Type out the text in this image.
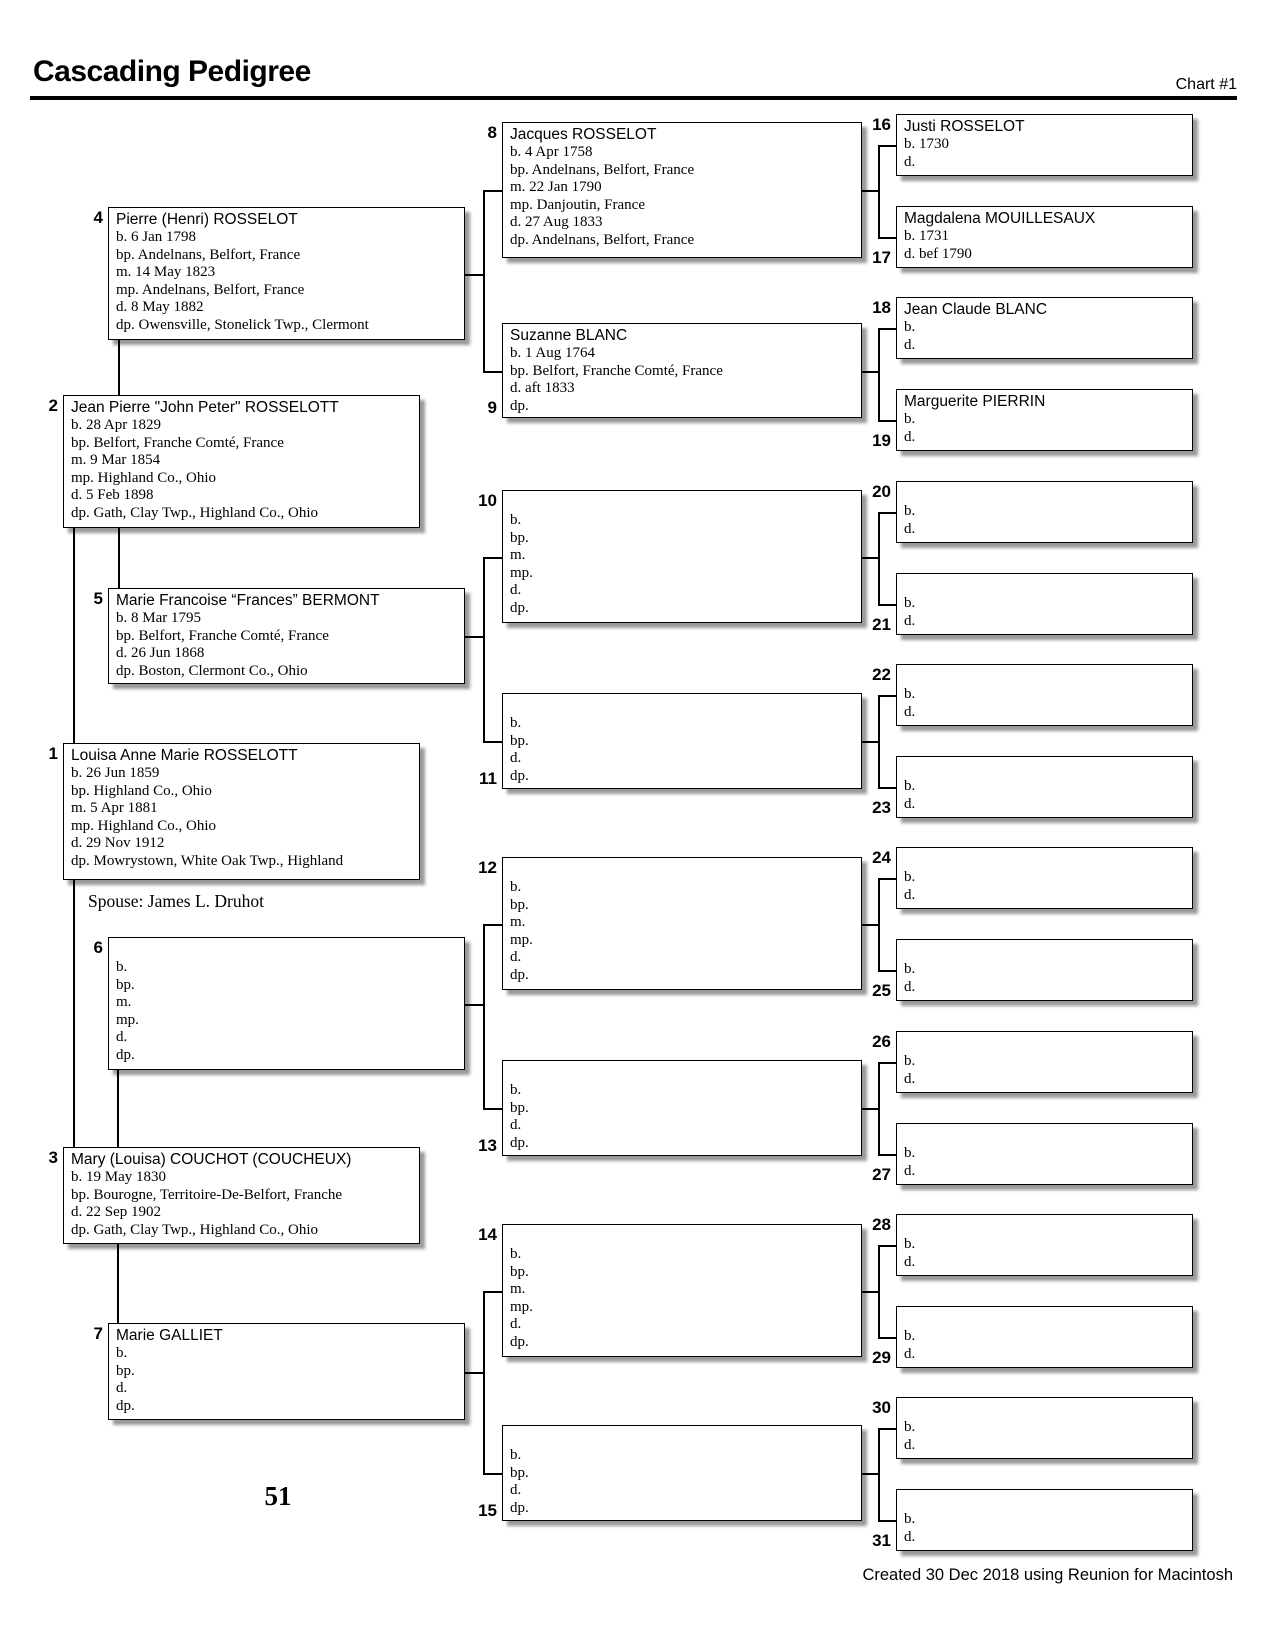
Cascading Pedigree	Chart #1
Louisa Anne Marie ROSSELOTT
b. 26 Jun 1859
bp. Highland Co., Ohio
m. 5 Apr 1881
mp. Highland Co., Ohio
d. 29 Nov 1912
dp. Mowrystown, White Oak Twp., Highland
1
Jean Pierre "John Peter" ROSSELOTT
b. 28 Apr 1829
bp. Belfort, Franche Comté, France
m. 9 Mar 1854
mp. Highland Co., Ohio
d. 5 Feb 1898
dp. Gath, Clay Twp., Highland Co., Ohio
2
Mary (Louisa) COUCHOT (COUCHEUX)
b. 19 May 1830
bp. Bourogne, Territoire-De-Belfort, Franche
d. 22 Sep 1902
dp. Gath, Clay Twp., Highland Co., Ohio
3
Pierre (Henri) ROSSELOT
b. 6 Jan 1798
bp. Andelnans, Belfort, France
m. 14 May 1823
mp. Andelnans, Belfort, France
d. 8 May 1882
dp. Owensville, Stonelick Twp., Clermont
4
Marie Francoise “Frances” BERMONT
b. 8 Mar 1795
bp. Belfort, Franche Comté, France
d. 26 Jun 1868
dp. Boston, Clermont Co., Ohio
5
b.
bp.
m.
mp.
d.
dp.
6
Marie GALLIET
b.
bp.
d.
dp.
7
Jacques ROSSELOT
b. 4 Apr 1758
bp. Andelnans, Belfort, France
m. 22 Jan 1790
mp. Danjoutin, France
d. 27 Aug 1833
dp. Andelnans, Belfort, France
8
Suzanne BLANC
b. 1 Aug 1764
bp. Belfort, Franche Comté, France
d. aft 1833
dp.
9
b.
bp.
m.
mp.
d.
dp.
10
b.
bp.
d.
dp.
11
b.
bp.
m.
mp.
d.
dp.
12
b.
bp.
d.
dp.
13
b.
bp.
m.
mp.
d.
dp.
14
b.
bp.
d.
dp.
15
Justi ROSSELOT
b. 1730
d.
16
Magdalena MOUILLESAUX
b. 1731
d. bef 1790
17
Jean Claude BLANC
b.
d.
18
Marguerite PIERRIN
b.
d.
19
b.
d.
20
b.
d.
21
b.
d.
22
b.
d.
23
b.
d.
24
b.
d.
25
b.
d.
26
b.
d.
27
b.
d.
28
b.
d.
29
b.
d.
30
b.
d.
31
Spouse: James L. Druhot
51
Created 30 Dec 2018 using Reunion for Macintosh
